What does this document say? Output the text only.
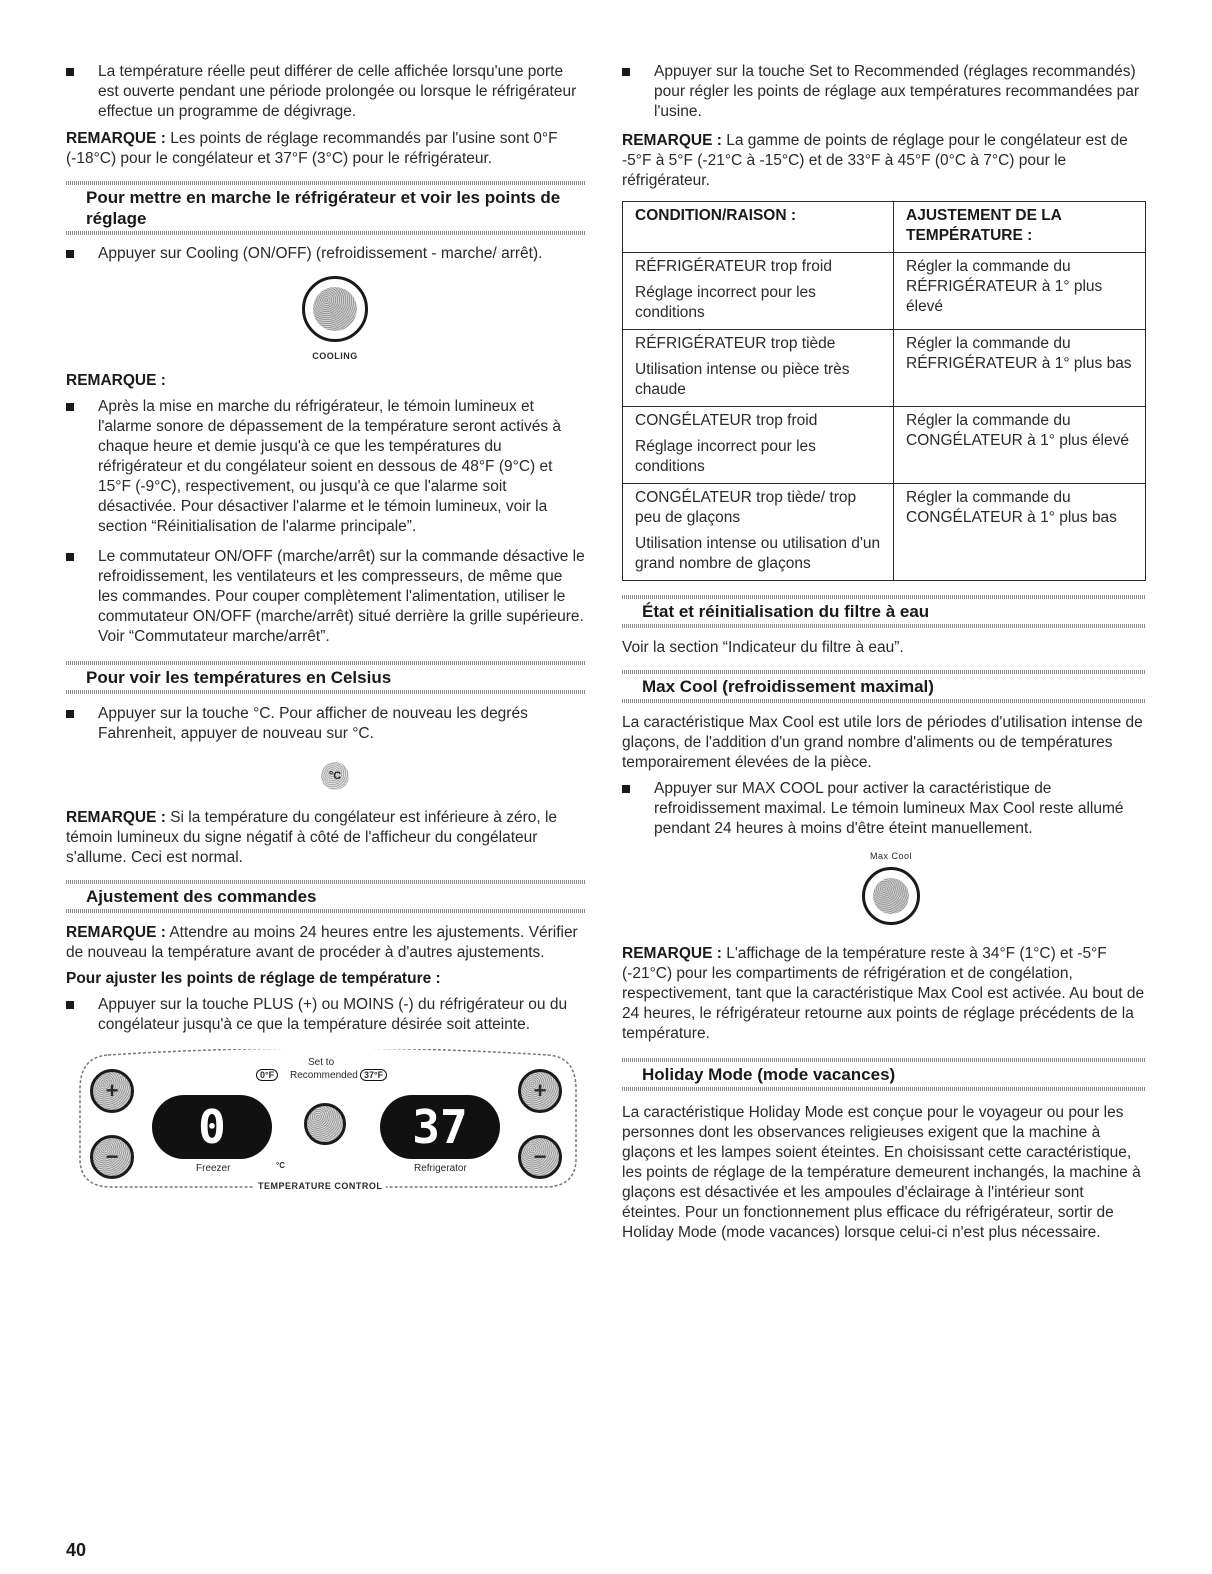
La température réelle peut différer de celle affichée lorsqu'une porte est ouverte pendant une période prolongée ou lorsque le réfrigérateur effectue un programme de dégivrage.

REMARQUE : Les points de réglage recommandés par l'usine sont 0°F (-18°C) pour le congélateur et 37°F (3°C) pour le réfrigérateur.

Pour mettre en marche le réfrigérateur et voir les points de réglage
Appuyer sur Cooling (ON/OFF) (refroidissement - marche/ arrêt).
COOLING

REMARQUE :

Après la mise en marche du réfrigérateur, le témoin lumineux et l'alarme sonore de dépassement de la température seront activés à chaque heure et demie jusqu'à ce que les températures du réfrigérateur et du congélateur soient en dessous de 48°F (9°C) et 15°F (-9°C), respectivement, ou jusqu'à ce que l'alarme soit désactivée. Pour désactiver l'alarme et le témoin lumineux, voir la section “Réinitialisation de l'alarme principale”.
Le commutateur ON/OFF (marche/arrêt) sur la commande désactive le refroidissement, les ventilateurs et les compresseurs, de même que les commandes. Pour couper complètement l'alimentation, utiliser le commutateur ON/OFF (marche/arrêt) situé derrière la grille supérieure. Voir “Commutateur marche/arrêt”.
Pour voir les températures en Celsius
Appuyer sur la touche °C. Pour afficher de nouveau les degrés Fahrenheit, appuyer de nouveau sur °C.
°C

REMARQUE : Si la température du congélateur est inférieure à zéro, le témoin lumineux du signe négatif à côté de l'afficheur du congélateur s'allume. Ceci est normal.

Ajustement des commandes

REMARQUE : Attendre au moins 24 heures entre les ajustements. Vérifier de nouveau la température avant de procéder à d'autres ajustements.

Pour ajuster les points de réglage de température :

Appuyer sur la touche PLUS (+) ou MOINS (-) du réfrigérateur ou du congélateur jusqu'à ce que la température désirée soit atteinte.
+
−
0
Set to
0°F	Recommended 37°F
37
+
−
Freezer	°C	Refrigerator
TEMPERATURE CONTROL
Appuyer sur la touche Set to Recommended (réglages recommandés) pour régler les points de réglage aux températures recommandées par l'usine.

REMARQUE : La gamme de points de réglage pour le congélateur est de -5°F à 5°F (-21°C à -15°C) et de 33°F à 45°F (0°C à 7°C) pour le réfrigérateur.

CONDITION/RAISON :	AJUSTEMENT DE LA TEMPÉRATURE :

RÉFRIGÉRATEUR trop froid
Réglage incorrect pour les conditions	Régler la commande du RÉFRIGÉRATEUR à 1° plus élevé

RÉFRIGÉRATEUR trop tiède
Utilisation intense ou pièce très chaude	Régler la commande du RÉFRIGÉRATEUR à 1° plus bas

CONGÉLATEUR trop froid
Réglage incorrect pour les conditions	Régler la commande du CONGÉLATEUR à 1° plus élevé

CONGÉLATEUR trop tiède/ trop peu de glaçons
Utilisation intense ou utilisation d'un grand nombre de glaçons	Régler la commande du CONGÉLATEUR à 1° plus bas
État et réinitialisation du filtre à eau

Voir la section “Indicateur du filtre à eau”.

Max Cool (refroidissement maximal)

La caractéristique Max Cool est utile lors de périodes d'utilisation intense de glaçons, de l'addition d'un grand nombre d'aliments ou de températures temporairement élevées de la pièce.

Appuyer sur MAX COOL pour activer la caractéristique de refroidissement maximal. Le témoin lumineux Max Cool reste allumé pendant 24 heures à moins d'être éteint manuellement.
Max Cool

REMARQUE : L'affichage de la température reste à 34°F (1°C) et -5°F (-21°C) pour les compartiments de réfrigération et de congélation, respectivement, tant que la caractéristique Max Cool est activée. Au bout de 24 heures, le réfrigérateur retourne aux points de réglage précédents de la température.

Holiday Mode (mode vacances)

La caractéristique Holiday Mode est conçue pour le voyageur ou pour les personnes dont les observances religieuses exigent que la machine à glaçons et les lampes soient éteintes. En choisissant cette caractéristique, les points de réglage de la température demeurent inchangés, la machine à glaçons est désactivée et les ampoules d'éclairage à l'intérieur sont éteintes. Pour un fonctionnement plus efficace du réfrigérateur, sortir de Holiday Mode (mode vacances) lorsque celui-ci n'est plus nécessaire.

40
